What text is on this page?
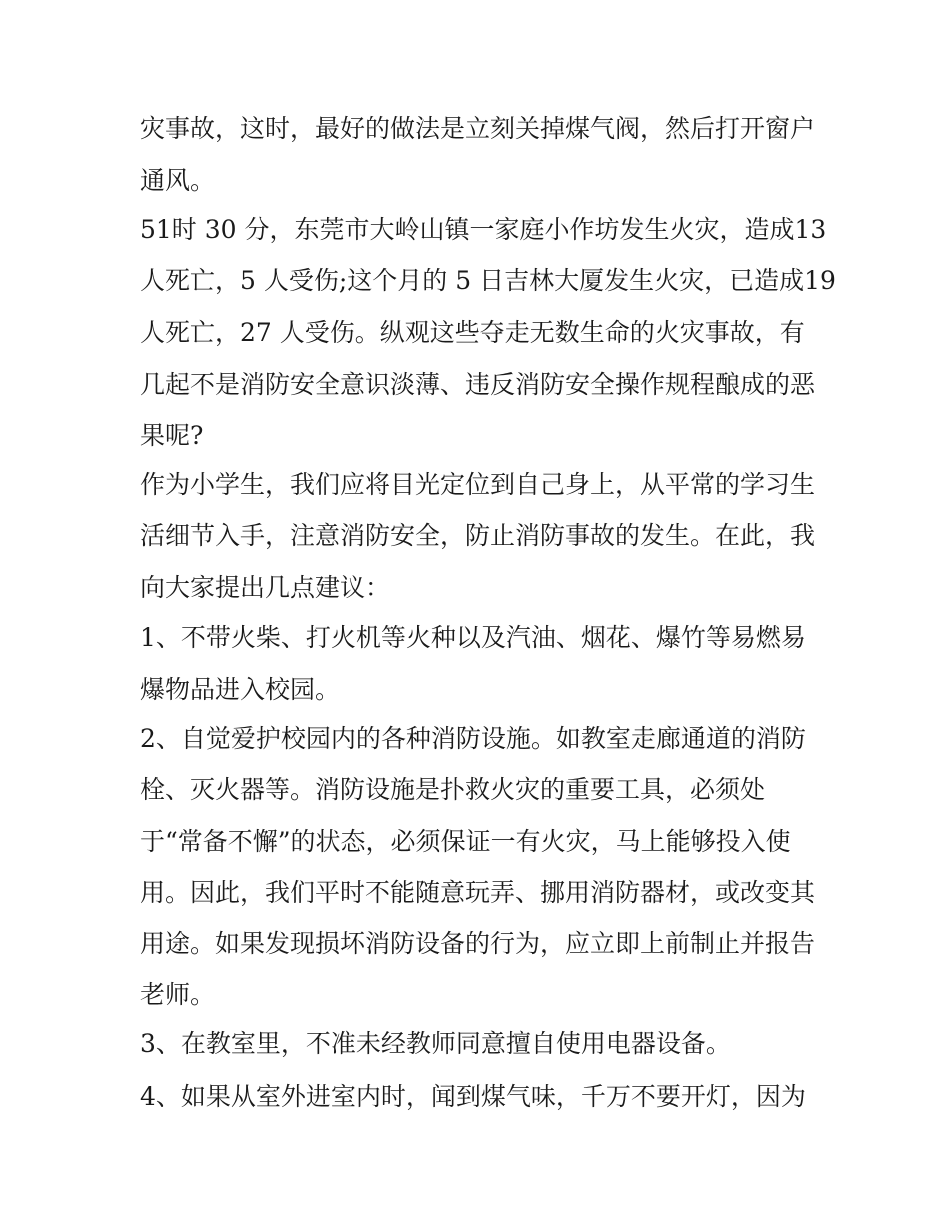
灾事故，这时，最好的做法是立刻关掉煤气阀，然后打开窗户
通风。
51时 30 分，东莞市大岭山镇一家庭小作坊发生火灾，造成13
人死亡，5 人受伤;这个月的 5 日吉林大厦发生火灾，已造成19
人死亡，27 人受伤。纵观这些夺走无数生命的火灾事故，有
几起不是消防安全意识淡薄、违反消防安全操作规程酿成的恶
果呢?
作为小学生，我们应将目光定位到自己身上，从平常的学习生
活细节入手，注意消防安全，防止消防事故的发生。在此，我
向大家提出几点建议：
1、不带火柴、打火机等火种以及汽油、烟花、爆竹等易燃易
爆物品进入校园。
2、自觉爱护校园内的各种消防设施。如教室走廊通道的消防
栓、灭火器等。消防设施是扑救火灾的重要工具，必须处
于“常备不懈”的状态，必须保证一有火灾，马上能够投入使
用。因此，我们平时不能随意玩弄、挪用消防器材，或改变其
用途。如果发现损坏消防设备的行为，应立即上前制止并报告
老师。
3、在教室里，不准未经教师同意擅自使用电器设备。
4、如果从室外进室内时，闻到煤气味，千万不要开灯，因为
